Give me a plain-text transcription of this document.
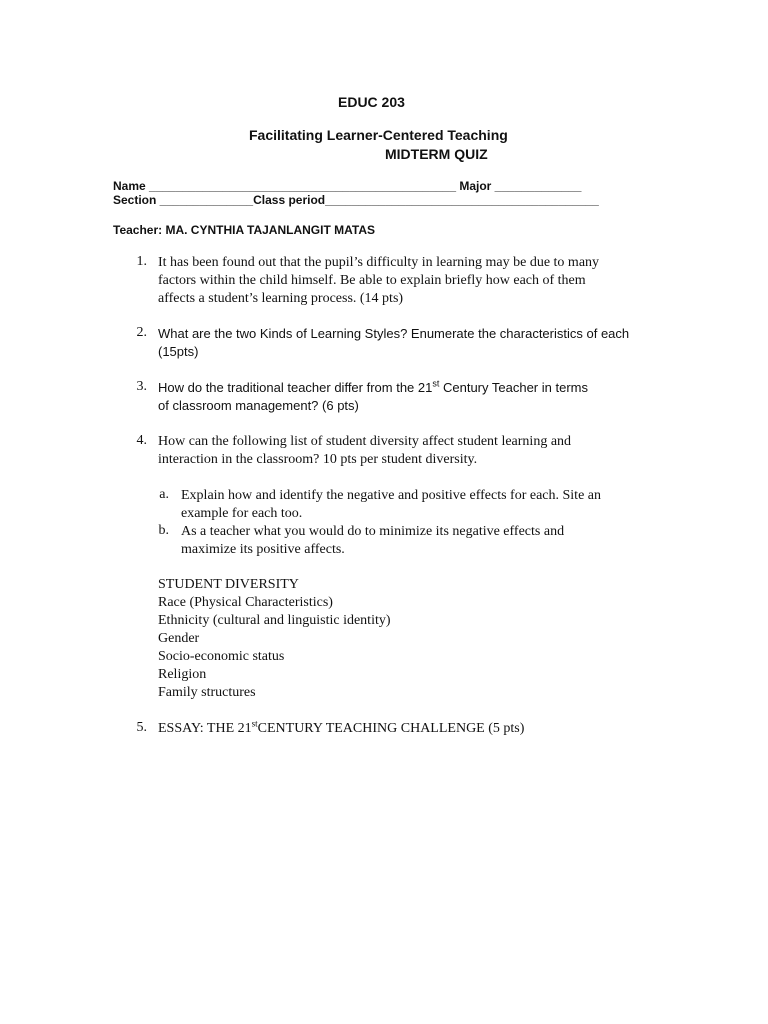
EDUC 203
Facilitating Learner-Centered Teaching
MIDTERM QUIZ
Name ______________________________________________ Major _____________
Section ______________Class period_________________________________________
Teacher: MA. CYNTHIA TAJANLANGIT MATAS
1. It has been found out that the pupil’s difficulty in learning may be due to many
factors within the child himself. Be able to explain briefly how each of them
affects a student’s learning process. (14 pts)
2. What are the two Kinds of Learning Styles? Enumerate the characteristics of each
(15pts)
3. How do the traditional teacher differ from the 21st Century Teacher in terms
of classroom management? (6 pts)
4. How can the following list of student diversity affect student learning and
interaction in the classroom? 10 pts per student diversity.
a. Explain how and identify the negative and positive effects for each. Site an
example for each too.
b. As a teacher what you would do to minimize its negative effects and
maximize its positive affects.
STUDENT DIVERSITY
Race (Physical Characteristics)
Ethnicity (cultural and linguistic identity)
Gender
Socio-economic status
Religion
Family structures
5. ESSAY: THE 21stCENTURY TEACHING CHALLENGE (5 pts)
